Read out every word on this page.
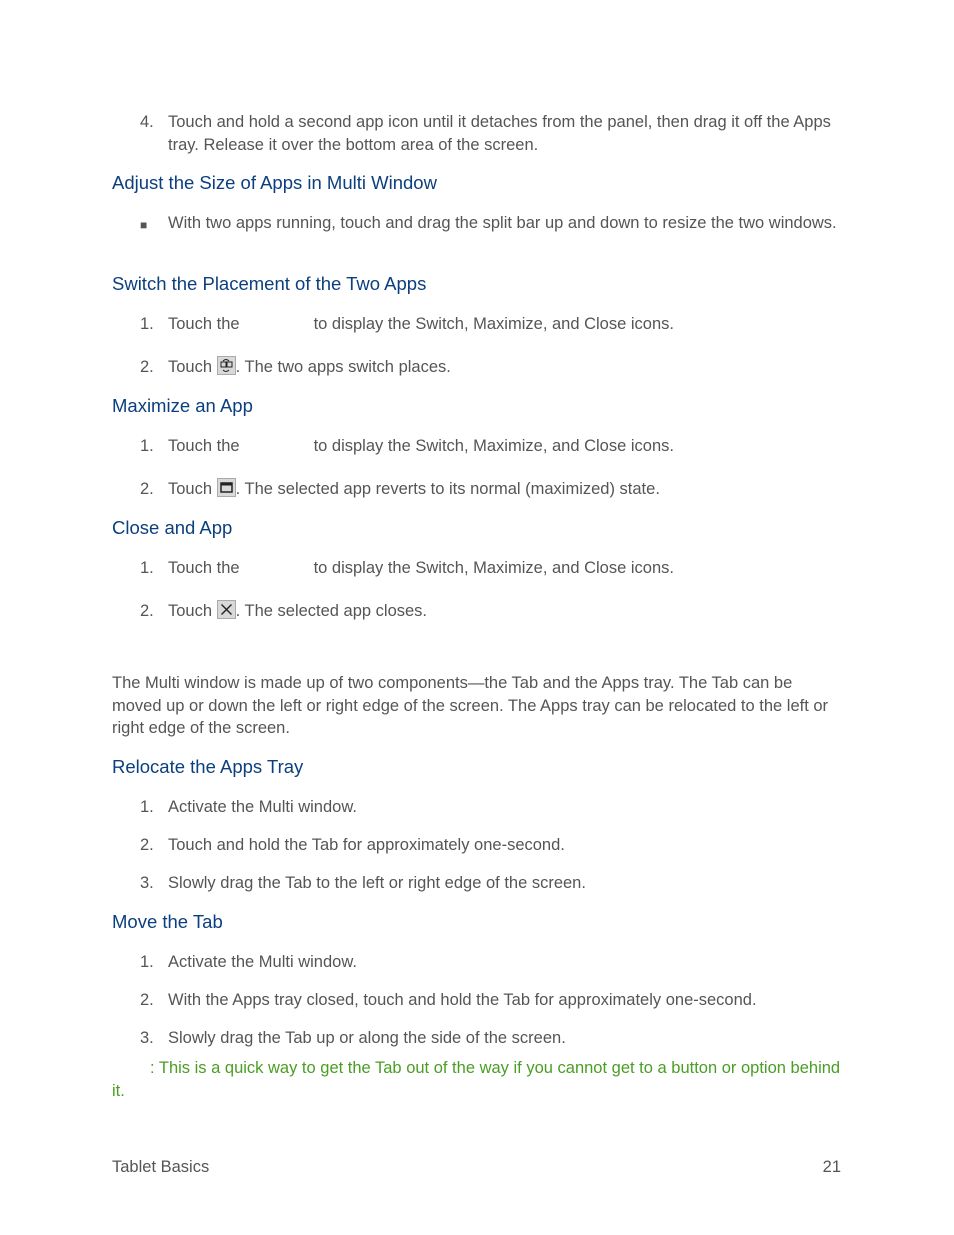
4. Touch and hold a second app icon until it detaches from the panel, then drag it off the Apps tray. Release it over the bottom area of the screen.
Adjust the Size of Apps in Multi Window
■ With two apps running, touch and drag the split bar up and down to resize the two windows.
Switch the Placement of the Two Apps
1. Touch the	to display the Switch, Maximize, and Close icons.
2. Touch . The two apps switch places.
Maximize an App
1. Touch the	to display the Switch, Maximize, and Close icons.
2. Touch . The selected app reverts to its normal (maximized) state.
Close and App
1. Touch the	to display the Switch, Maximize, and Close icons.
2. Touch . The selected app closes.
The Multi window is made up of two components—the Tab and the Apps tray. The Tab can be moved up or down the left or right edge of the screen. The Apps tray can be relocated to the left or right edge of the screen.
Relocate the Apps Tray
1. Activate the Multi window.
2. Touch and hold the Tab for approximately one-second.
3. Slowly drag the Tab to the left or right edge of the screen.
Move the Tab
1. Activate the Multi window.
2. With the Apps tray closed, touch and hold the Tab for approximately one-second.
3. Slowly drag the Tab up or along the side of the screen.
: This is a quick way to get the Tab out of the way if you cannot get to a button or option behind it.
Tablet Basics	21
